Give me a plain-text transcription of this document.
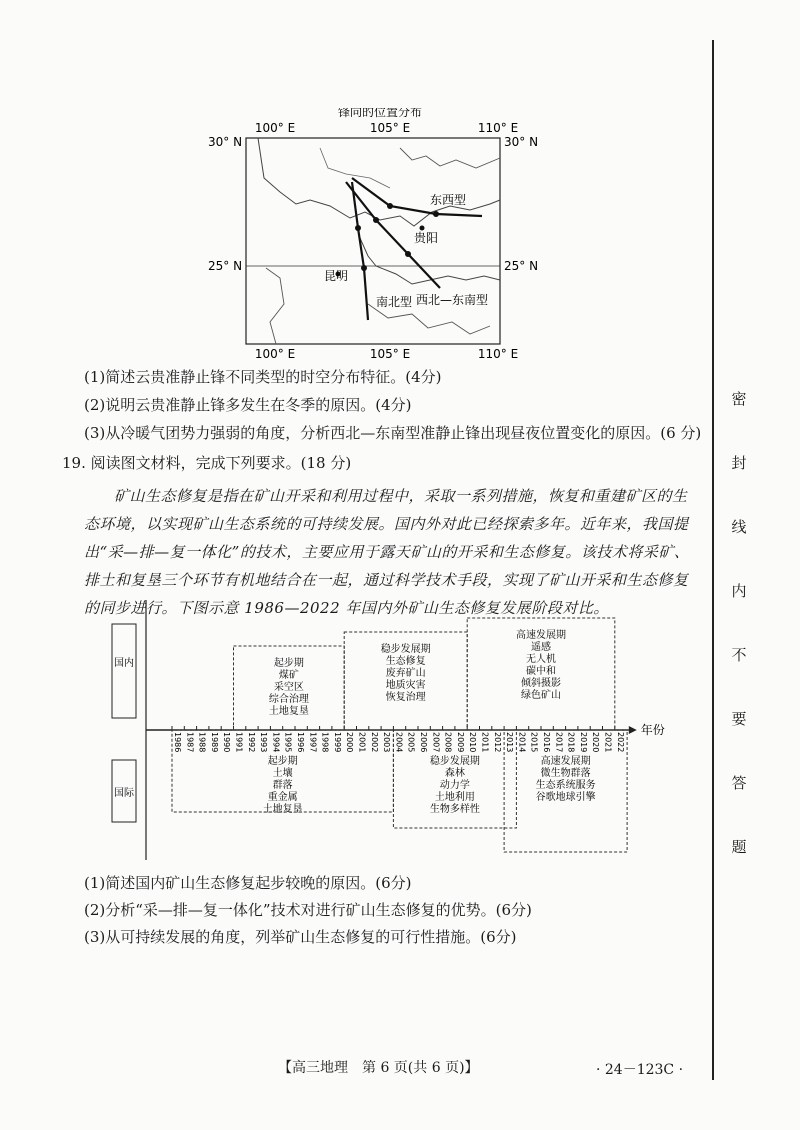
锋向的位置分布
100° E	105° E	110° E
100° E	105° E	110° E
30° N	30° N
25° N	25° N
东西型
贵阳
昆明
西北—东南型
南北型
(1)简述云贵准静止锋不同类型的时空分布特征。(4分)
(2)说明云贵准静止锋多发生在冬季的原因。(4分)
(3)从冷暖气团势力强弱的角度，分析西北—东南型准静止锋出现昼夜位置变化的原因。(6 分)
19. 阅读图文材料，完成下列要求。(18 分)
矿山生态修复是指在矿山开采和利用过程中，采取一系列措施，恢复和重建矿区的生态环境，以实现矿山生态系统的可持续发展。国内外对此已经探索多年。近年来，我国提出“采—排—复一体化”的技术，主要应用于露天矿山的开采和生态修复。该技术将采矿、排土和复垦三个环节有机地结合在一起，通过科学技术手段，实现了矿山开采和生态修复的同步进行。下图示意 1986—2022 年国内外矿山生态修复发展阶段对比。
年份
1986 1987 1988 1989 1990 1991 1992 1993 1994 1995 1996 1997 1998 1999 2000 2001 2002 2003 2004 2005 2006 2007 2008 2009 2010 2011 2012 2013 2014 2015 2016 2017 2018 2019 2020 2021 2022
国内
国际
起步期
煤矿
采空区
综合治理
土地复垦
稳步发展期
生态修复
废弃矿山
地质灾害
恢复治理
高速发展期
遥感
无人机
碳中和
倾斜摄影
绿色矿山
起步期
土壤
群落
重金属
土地复垦
稳步发展期
森林
动力学
土地利用
生物多样性
高速发展期
微生物群落
生态系统服务
谷歌地球引擎
(1)简述国内矿山生态修复起步较晚的原因。(6分)
(2)分析“采—排—复一体化”技术对进行矿山生态修复的优势。(6分)
(3)从可持续发展的角度，列举矿山生态修复的可行性措施。(6分)
密
封
线
内
不
要
答
题
【高三地理　第 6 页(共 6 页)】	· 24－123C ·
